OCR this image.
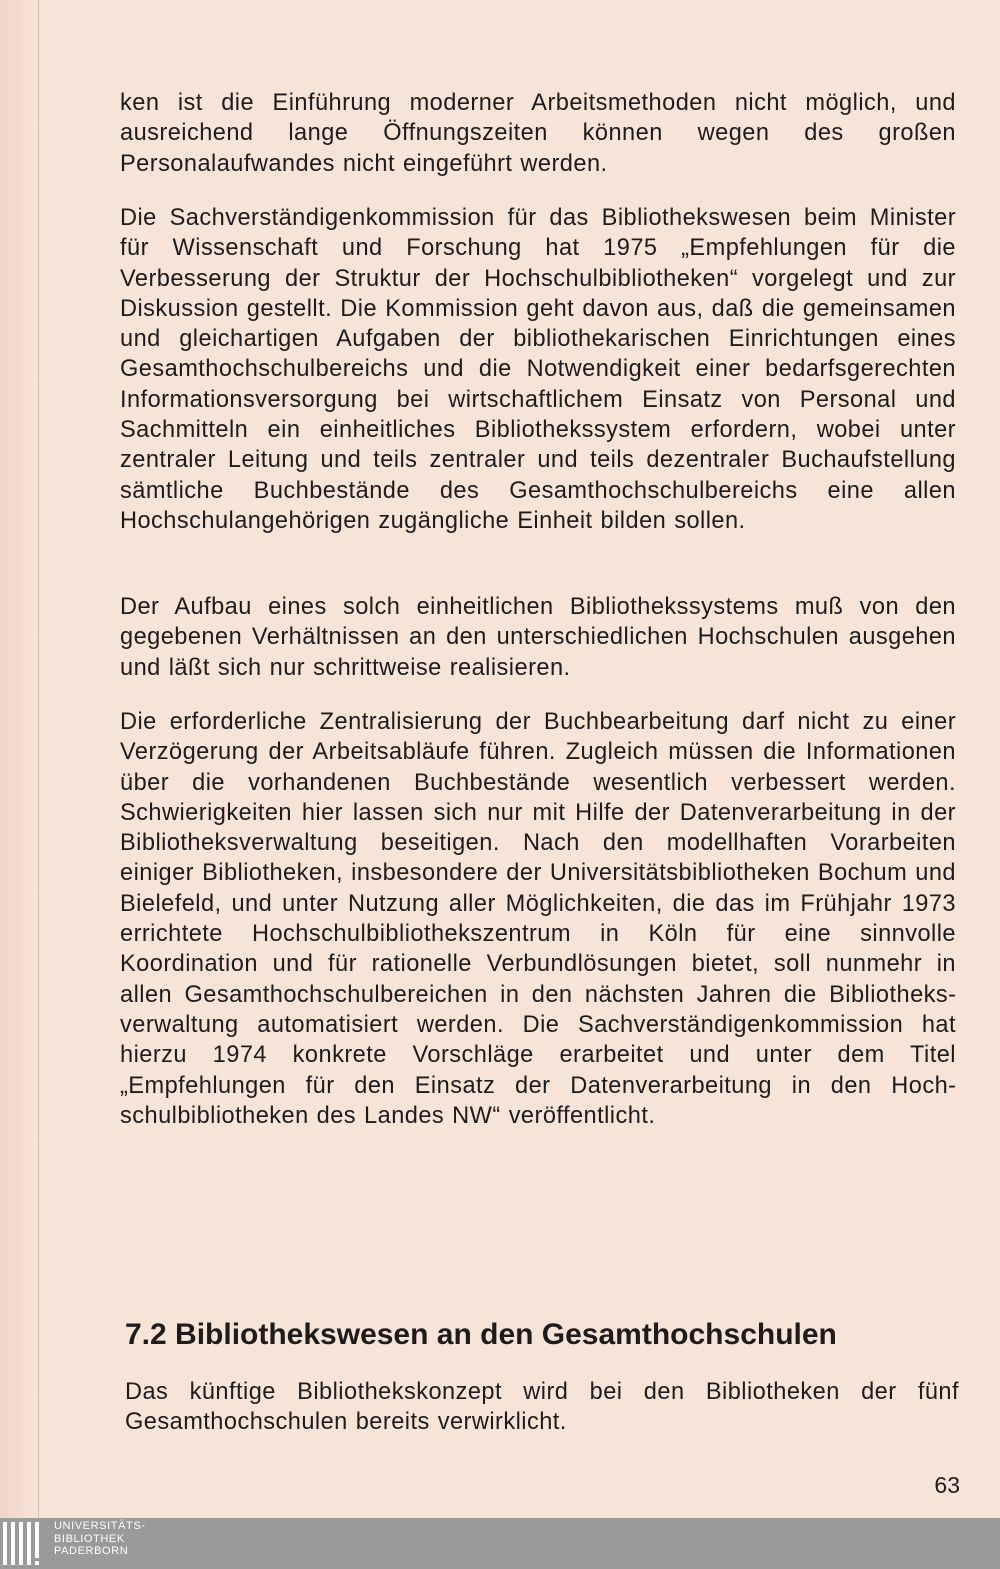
ken ist die Einführung moderner Arbeitsmethoden nicht möglich, und ausreichend lange Öffnungszeiten können wegen des großen Personalaufwandes nicht eingeführt werden.

Die Sachverständigenkommission für das Bibliothekswesen beim Minister für Wissenschaft und Forschung hat 1975 „Empfehlungen für die Verbesserung der Struktur der Hochschulbibliotheken“ vorgelegt und zur Diskussion gestellt. Die Kommission geht davon aus, daß die gemeinsamen und gleichartigen Aufgaben der bibliothekarischen Einrichtungen eines Gesamthochschulbereichs und die Notwendigkeit einer bedarfsgerechten Informationsversorgung bei wirtschaftlichem Einsatz von Personal und Sachmitteln ein einheitliches Bibliothekssystem erfordern, wobei unter zentraler Leitung und teils zentraler und teils dezentraler Buchaufstellung sämtliche Buchbestände des Gesamthochschulbereichs eine allen Hochschulangehörigen zugängliche Einheit bilden sollen.

Der Aufbau eines solch einheitlichen Bibliothekssystems muß von den gegebenen Verhältnissen an den unterschiedlichen Hochschulen ausgehen und läßt sich nur schrittweise realisieren.

Die erforderliche Zentralisierung der Buchbearbeitung darf nicht zu einer Verzögerung der Arbeitsabläufe führen. Zugleich müssen die Informationen über die vorhandenen Buchbestände wesentlich verbessert werden. Schwierigkeiten hier lassen sich nur mit Hilfe der Datenverarbeitung in der Bibliotheksverwaltung beseitigen. Nach den modellhaften Vorarbeiten einiger Bibliotheken, insbesondere der Universitätsbibliotheken Bochum und Bielefeld, und unter Nutzung aller Möglichkeiten, die das im Frühjahr 1973 errichtete Hochschulbibliothekszentrum in Köln für eine sinnvolle Koordination und für rationelle Verbundlösungen bietet, soll nunmehr in allen Gesamthochschulbereichen in den nächsten Jahren die Bibliotheksverwaltung automatisiert werden. Die Sachverständigenkommission hat hierzu 1974 konkrete Vorschläge erarbeitet und unter dem Titel „Empfehlungen für den Einsatz der Datenverarbeitung in den Hochschulbibliotheken des Landes NW“ veröffentlicht.

7.2 Bibliothekswesen an den Gesamthochschulen

Das künftige Bibliothekskonzept wird bei den Bibliotheken der fünf Gesamthochschulen bereits verwirklicht.

63
UNIVERSITÄTS-
BIBLIOTHEK
PADERBORN
